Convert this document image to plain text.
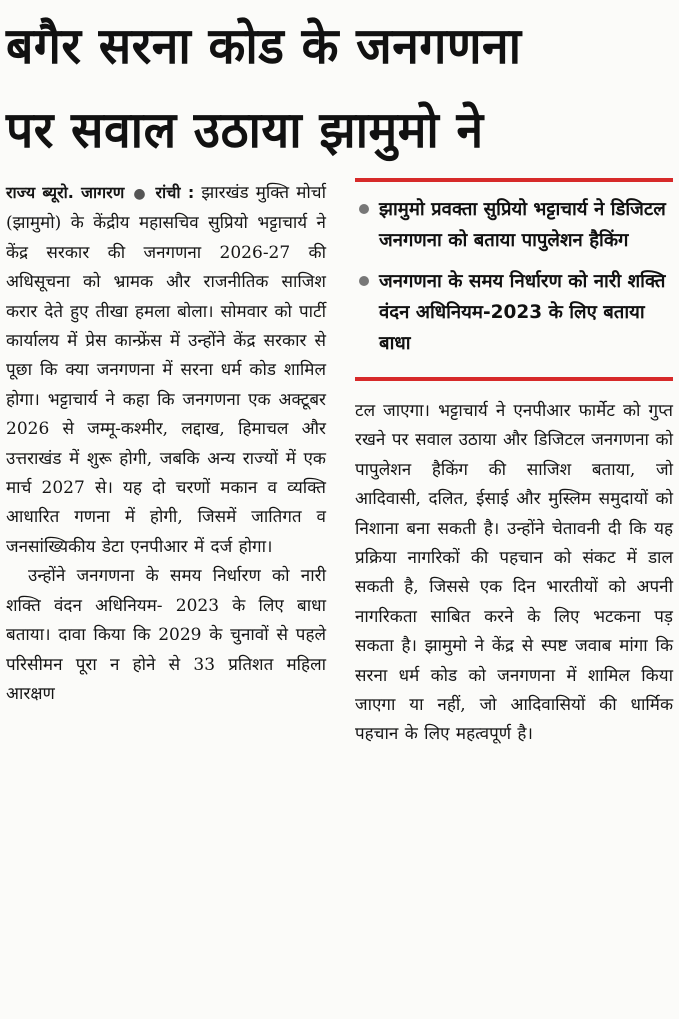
बगैर सरना कोड के जनगणना
पर सवाल उठाया झामुमो ने

राज्य ब्यूरो. जागरण ● रांची : झारखंड मुक्ति मोर्चा (झामुमो) के केंद्रीय महासचिव सुप्रियो भट्टाचार्य ने केंद्र सरकार की जनगणना 2026-27 की अधिसूचना को भ्रामक और राजनीतिक साजिश करार देते हुए तीखा हमला बोला। सोमवार को पार्टी कार्यालय में प्रेस कान्फ्रेंस में उन्होंने केंद्र सरकार से पूछा कि क्या जनगणना में सरना धर्म कोड शामिल होगा। भट्टाचार्य ने कहा कि जनगणना एक अक्टूबर 2026 से जम्मू-कश्मीर, लद्दाख, हिमाचल और उत्तराखंड में शुरू होगी, जबकि अन्य राज्यों में एक मार्च 2027 से। यह दो चरणों मकान व व्यक्ति आधारित गणना में होगी, जिसमें जातिगत व जनसांख्यिकीय डेटा एनपीआर में दर्ज होगा।

उन्होंने जनगणना के समय निर्धारण को नारी शक्ति वंदन अधिनियम- 2023 के लिए बाधा बताया। दावा किया कि 2029 के चुनावों से पहले परिसीमन पूरा न होने से 33 प्रतिशत महिला आरक्षण

झामुमो प्रवक्ता सुप्रियो भट्टाचार्य ने डिजिटल जनगणना को बताया पापुलेशन हैकिंग
जनगणना के समय निर्धारण को नारी शक्ति वंदन अधिनियम-2023 के लिए बताया बाधा

टल जाएगा। भट्टाचार्य ने एनपीआर फार्मेट को गुप्त रखने पर सवाल उठाया और डिजिटल जनगणना को पापुलेशन हैकिंग की साजिश बताया, जो आदिवासी, दलित, ईसाई और मुस्लिम समुदायों को निशाना बना सकती है। उन्होंने चेतावनी दी कि यह प्रक्रिया नागरिकों की पहचान को संकट में डाल सकती है, जिससे एक दिन भारतीयों को अपनी नागरिकता साबित करने के लिए भटकना पड़ सकता है। झामुमो ने केंद्र से स्पष्ट जवाब मांगा कि सरना धर्म कोड को जनगणना में शामिल किया जाएगा या नहीं, जो आदिवासियों की धार्मिक पहचान के लिए महत्वपूर्ण है।
